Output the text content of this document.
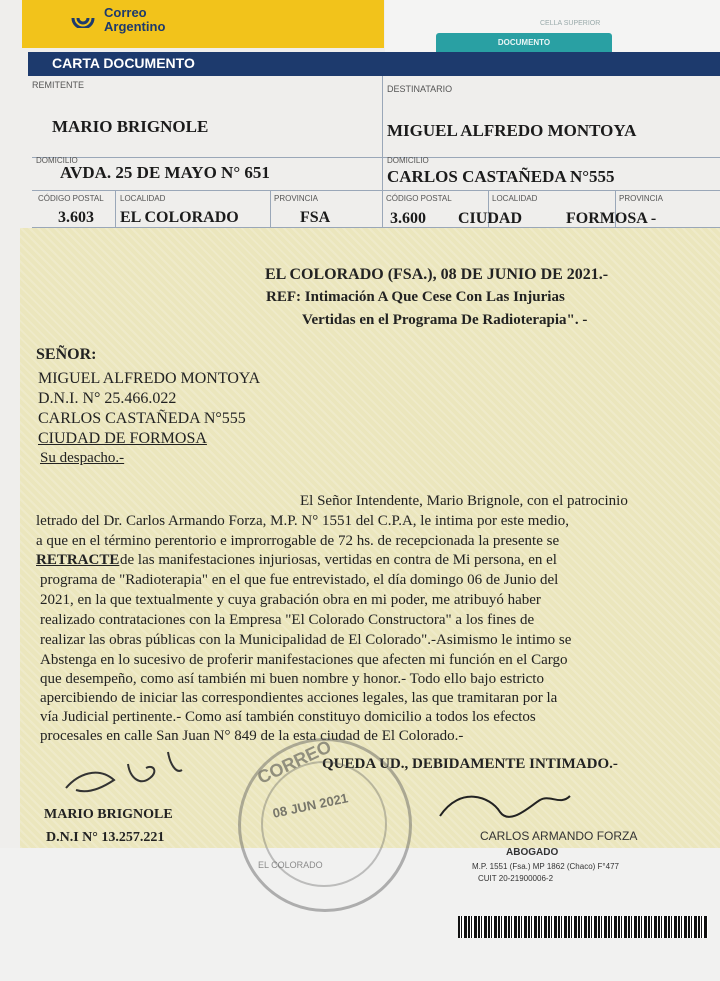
Correo
Argentino	CELLA SUPERIOR
DOCUMENTO
CARTA DOCUMENTO
REMITENTE
MARIO BRIGNOLE
DOMICILIO
AVDA. 25 DE MAYO N° 651
CÓDIGO POSTAL
3.603
LOCALIDAD
EL COLORADO
PROVINCIA
FSA
DESTINATARIO
MIGUEL ALFREDO MONTOYA
DOMICILIO
CARLOS CASTAÑEDA N°555
CÓDIGO POSTAL
3.600
LOCALIDAD
CIUDAD
PROVINCIA
FORMOSA -
EL COLORADO (FSA.), 08 DE JUNIO DE 2021.-
REF: Intimación A Que Cese Con Las Injurias
Vertidas en el Programa De Radioterapia". -
SEÑOR:
MIGUEL ALFREDO MONTOYA
D.N.I. N° 25.466.022
CARLOS CASTAÑEDA N°555
CIUDAD DE FORMOSA
Su despacho.-
El Señor Intendente, Mario Brignole, con el patrocinio
letrado del Dr. Carlos Armando Forza, M.P. N° 1551 del C.P.A, le intima por este medio,
a que en el término perentorio e improrrogable de 72 hs. de recepcionada la presente se
RETRACTE de las manifestaciones injuriosas, vertidas en contra de Mi persona, en el
programa de "Radioterapia" en el que fue entrevistado, el día domingo 06 de Junio del
2021, en la que textualmente y cuya grabación obra en mi poder, me atribuyó haber
realizado contrataciones con la Empresa "El Colorado Constructora" a los fines de
realizar las obras públicas con la Municipalidad de El Colorado".-Asimismo le intimo se
Abstenga en lo sucesivo de proferir manifestaciones que afecten mi función en el Cargo
que desempeño, como así también mi buen nombre y honor.- Todo ello bajo estricto
apercibiendo de iniciar las correspondientes acciones legales, las que tramitaran por la
vía Judicial pertinente.- Como así también constituyo domicilio a todos los efectos
procesales en calle San Juan N° 849 de la esta ciudad de El Colorado.-
QUEDA UD., DEBIDAMENTE INTIMADO.-
MARIO BRIGNOLE
D.N.I N° 13.257.221
CORREO
08 JUN 2021
EL COLORADO
CARLOS ARMANDO FORZA
ABOGADO
M.P. 1551 (Fsa.) MP 1862 (Chaco) F°477
CUIT 20-21900006-2
